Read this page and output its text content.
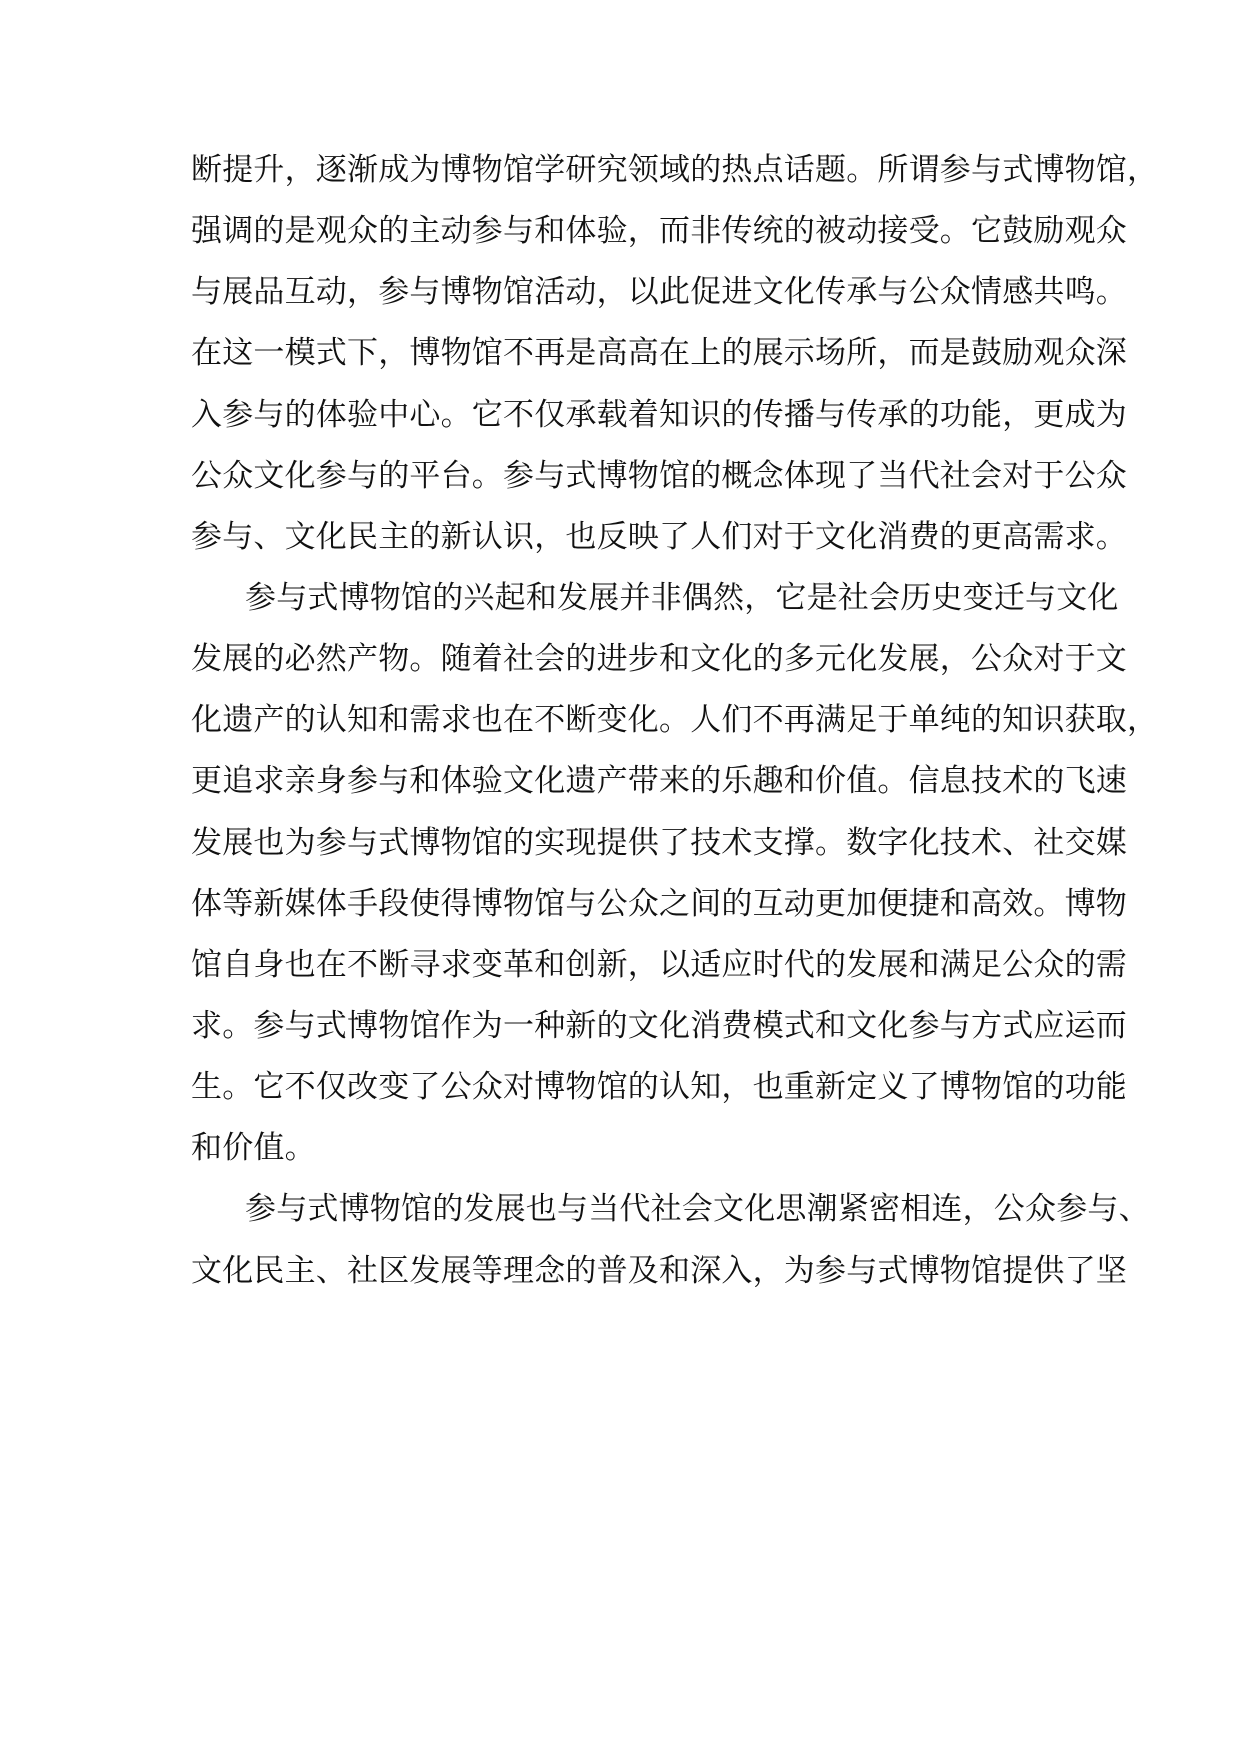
断提升，逐渐成为博物馆学研究领域的热点话题。所谓参与式博物馆，
强调的是观众的主动参与和体验，而非传统的被动接受。它鼓励观众
与展品互动，参与博物馆活动，以此促进文化传承与公众情感共鸣。
在这一模式下，博物馆不再是高高在上的展示场所，而是鼓励观众深
入参与的体验中心。它不仅承载着知识的传播与传承的功能，更成为
公众文化参与的平台。参与式博物馆的概念体现了当代社会对于公众
参与、文化民主的新认识，也反映了人们对于文化消费的更高需求。
参与式博物馆的兴起和发展并非偶然，它是社会历史变迁与文化
发展的必然产物。随着社会的进步和文化的多元化发展，公众对于文
化遗产的认知和需求也在不断变化。人们不再满足于单纯的知识获取，
更追求亲身参与和体验文化遗产带来的乐趣和价值。信息技术的飞速
发展也为参与式博物馆的实现提供了技术支撑。数字化技术、社交媒
体等新媒体手段使得博物馆与公众之间的互动更加便捷和高效。博物
馆自身也在不断寻求变革和创新，以适应时代的发展和满足公众的需
求。参与式博物馆作为一种新的文化消费模式和文化参与方式应运而
生。它不仅改变了公众对博物馆的认知，也重新定义了博物馆的功能
和价值。
参与式博物馆的发展也与当代社会文化思潮紧密相连，公众参与、
文化民主、社区发展等理念的普及和深入，为参与式博物馆提供了坚
